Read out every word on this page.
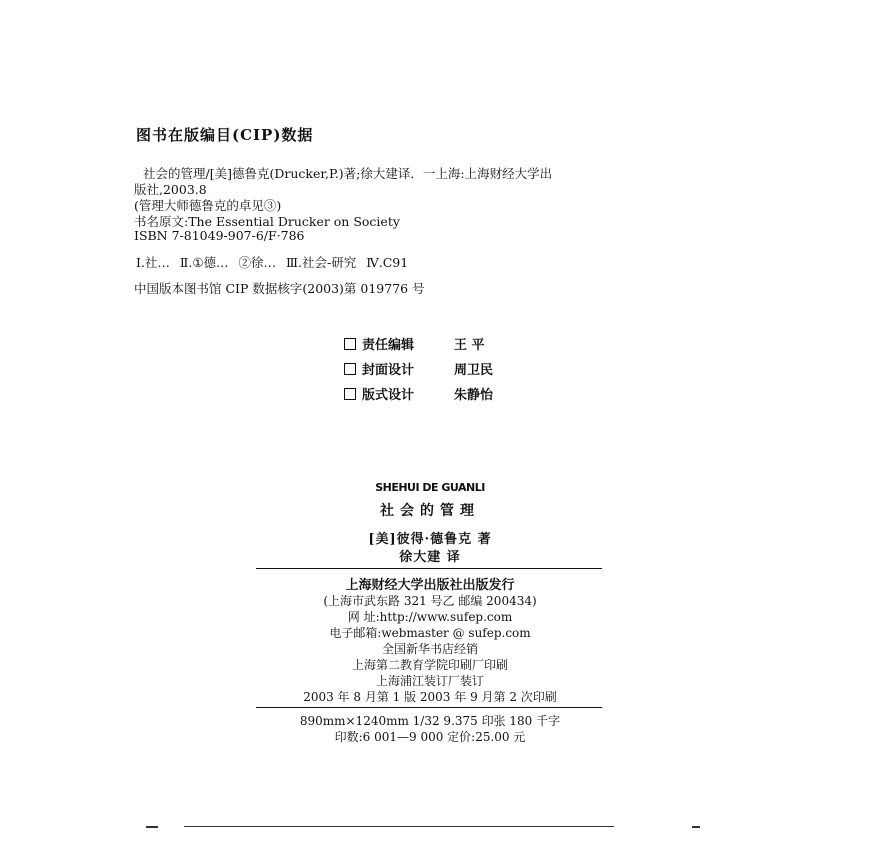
图书在版编目(CIP)数据
社会的管理/[美]德鲁克(Drucker,P.)著;徐大建译．一上海:上海财经大学出
版社,2003.8
(管理大师德鲁克的卓见③)
书名原文:The Essential Drucker on Society
ISBN 7-81049-907-6/F·786
Ⅰ.社… Ⅱ.①德… ②徐… Ⅲ.社会-研究 Ⅳ.C91
中国版本图书馆 CIP 数据核字(2003)第 019776 号
责任编辑	王 平
封面设计	周卫民
版式设计	朱静怡
SHEHUI DE GUANLI
社会的管理
[美]彼得·德鲁克 著
徐大建 译
上海财经大学出版社出版发行
(上海市武东路 321 号乙 邮编 200434)
网 址:http://www.sufep.com
电子邮箱:webmaster @ sufep.com
全国新华书店经销
上海第二教育学院印刷厂印刷
上海浦江装订厂装订
2003 年 8 月第 1 版 2003 年 9 月第 2 次印刷
890mm×1240mm 1/32 9.375 印张 180 千字
印数:6 001—9 000 定价:25.00 元
